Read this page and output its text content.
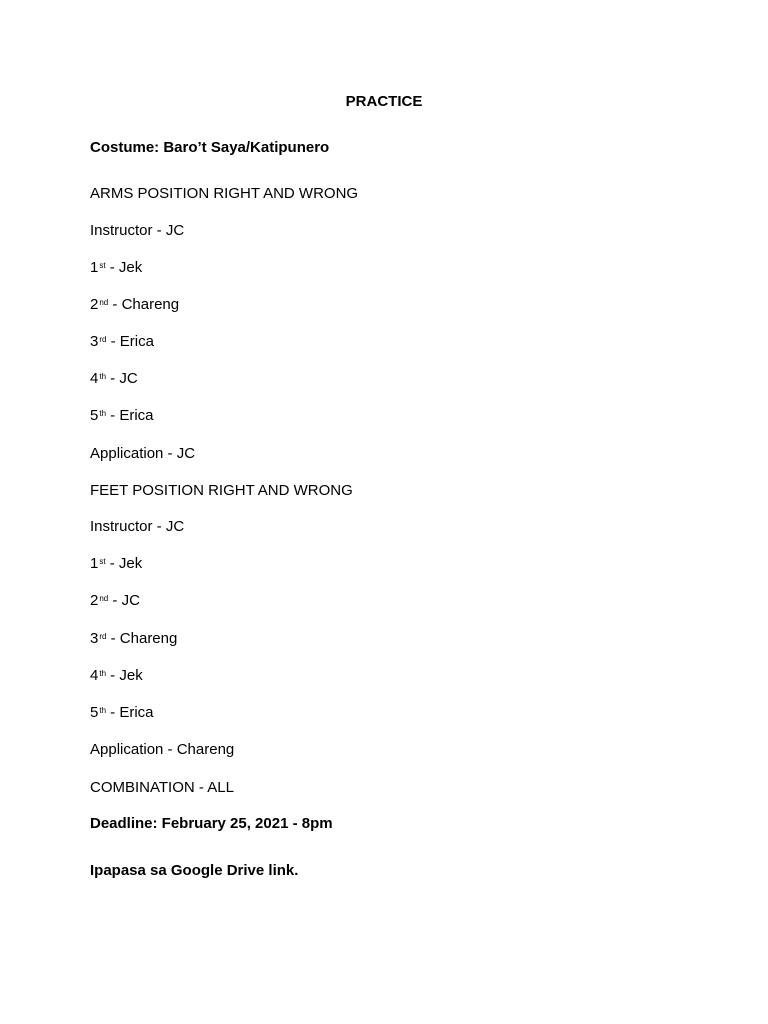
PRACTICE
Costume: Baro’t Saya/Katipunero
ARMS POSITION RIGHT AND WRONG
Instructor - JC
1st - Jek
2nd - Chareng
3rd - Erica
4th - JC
5th - Erica
Application - JC
FEET POSITION RIGHT AND WRONG
Instructor - JC
1st - Jek
2nd - JC
3rd - Chareng
4th - Jek
5th - Erica
Application - Chareng
COMBINATION - ALL
Deadline: February 25, 2021 - 8pm
Ipapasa sa Google Drive link.
